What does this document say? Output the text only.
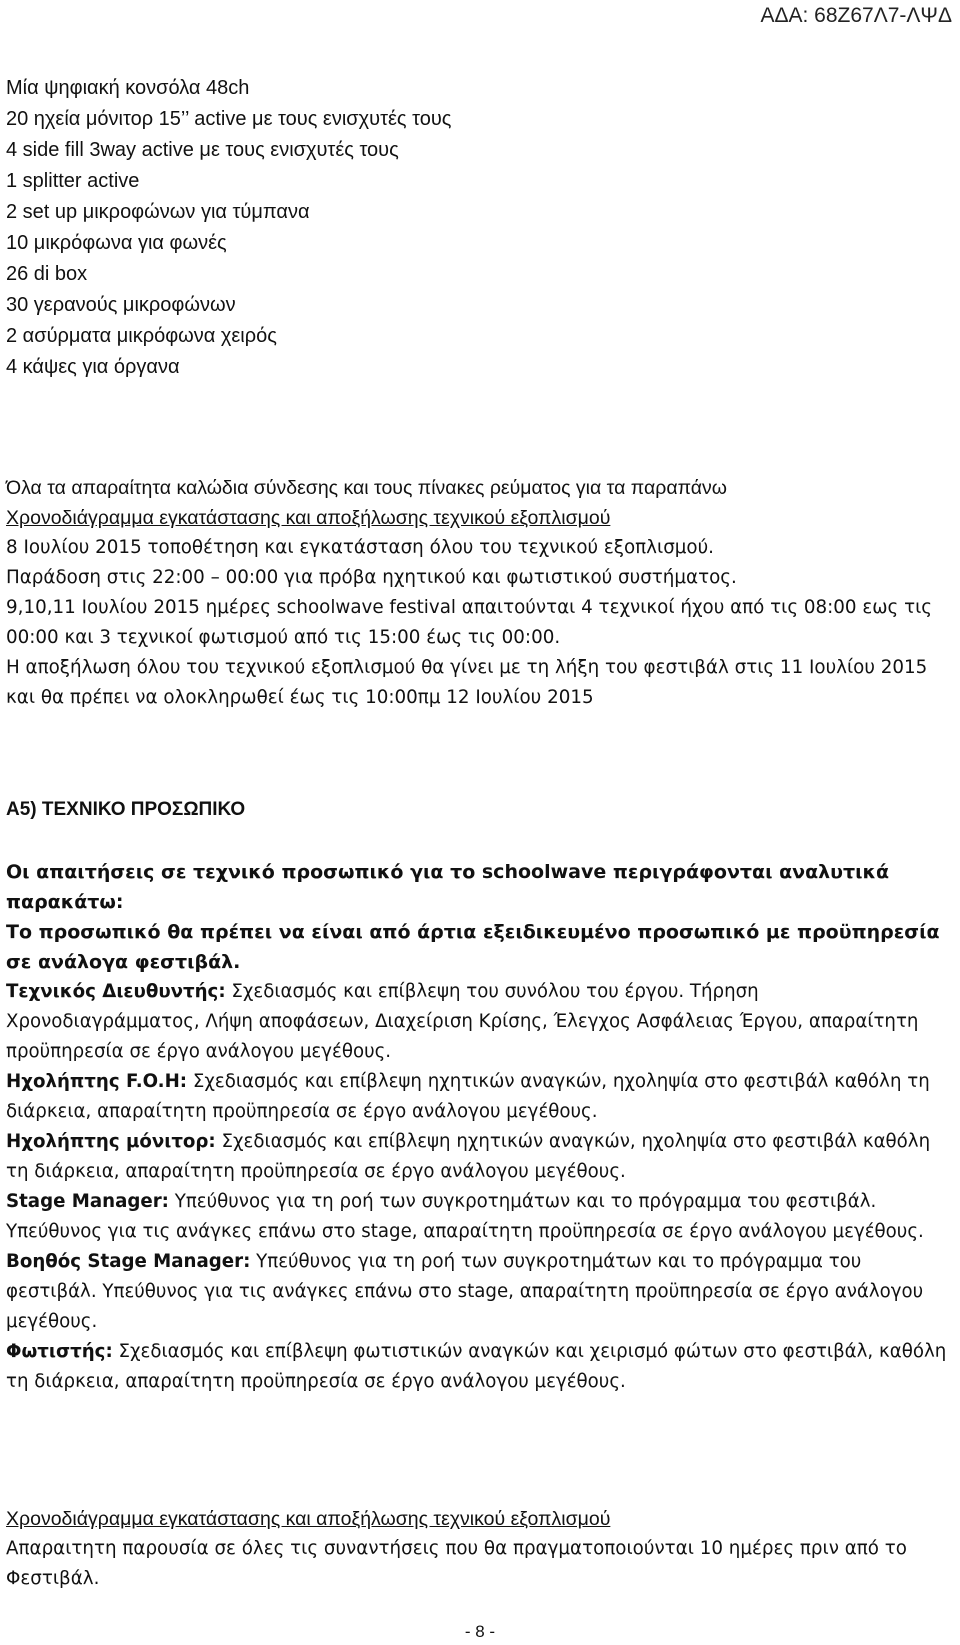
ΑΔΑ: 68Ζ67Λ7-ΛΨΔ
Μία ψηφιακή κονσόλα 48ch
20 ηχεία μόνιτορ 15’’ active με τους ενισχυτές τους
4 side fill 3way active με τους ενισχυτές τους
1 splitter active
2 set up μικροφώνων για τύμπανα
10 μικρόφωνα για φωνές
26 di box
30 γερανούς μικροφώνων
2 ασύρματα μικρόφωνα χειρός
4 κάψες για όργανα

Όλα τα απαραίτητα καλώδια σύνδεσης και τους πίνακες ρεύματος για τα παραπάνω

Χρονοδιάγραμμα εγκατάστασης και αποξήλωσης τεχνικού εξοπλισμού

8 Ιουλίου 2015 τοποθέτηση και εγκατάσταση όλου του τεχνικού εξοπλισμού.

Παράδοση στις 22:00 – 00:00 για πρόβα ηχητικού και φωτιστικού συστήματος.

9,10,11 Ιουλίου 2015 ημέρες schoolwave festival απαιτούνται 4 τεχνικοί ήχου από τις 08:00 εως τις 00:00 και 3 τεχνικοί φωτισμού από τις 15:00 έως τις 00:00.

Η αποξήλωση όλου του τεχνικού εξοπλισμού θα γίνει με τη λήξη του φεστιβάλ στις 11 Ιουλίου 2015 και θα πρέπει να ολοκληρωθεί έως τις 10:00πμ 12 Ιουλίου 2015

Α5) ΤΕΧΝΙΚΟ ΠΡΟΣΩΠΙΚΟ

Οι απαιτήσεις σε τεχνικό προσωπικό για το schoolwave περιγράφονται αναλυτικά παρακάτω:

Το προσωπικό θα πρέπει να είναι από άρτια εξειδικευμένο προσωπικό με προϋπηρεσία σε ανάλογα φεστιβάλ.

Τεχνικός Διευθυντής: Σχεδιασμός και επίβλεψη του συνόλου του έργου. Τήρηση Χρονοδιαγράμματος, Λήψη αποφάσεων, Διαχείριση Κρίσης, Έλεγχος Ασφάλειας Έργου, απαραίτητη προϋπηρεσία σε έργο ανάλογου μεγέθους.

Ηχολήπτης F.O.H: Σχεδιασμός και επίβλεψη ηχητικών αναγκών, ηχοληψία στο φεστιβάλ καθόλη τη διάρκεια, απαραίτητη προϋπηρεσία σε έργο ανάλογου μεγέθους.

Ηχολήπτης μόνιτορ: Σχεδιασμός και επίβλεψη ηχητικών αναγκών, ηχοληψία στο φεστιβάλ καθόλη τη διάρκεια, απαραίτητη προϋπηρεσία σε έργο ανάλογου μεγέθους.

Stage Manager: Υπεύθυνος για τη ροή των συγκροτημάτων και το πρόγραμμα του φεστιβάλ. Υπεύθυνος για τις ανάγκες επάνω στο stage, απαραίτητη προϋπηρεσία σε έργο ανάλογου μεγέθους.

Βοηθός Stage Manager: Υπεύθυνος για τη ροή των συγκροτημάτων και το πρόγραμμα του φεστιβάλ. Υπεύθυνος για τις ανάγκες επάνω στο stage, απαραίτητη προϋπηρεσία σε έργο ανάλογου μεγέθους.

Φωτιστής: Σχεδιασμός και επίβλεψη φωτιστικών αναγκών και χειρισμό φώτων στο φεστιβάλ, καθόλη τη διάρκεια, απαραίτητη προϋπηρεσία σε έργο ανάλογου μεγέθους.

Χρονοδιάγραμμα εγκατάστασης και αποξήλωσης τεχνικού εξοπλισμού

Απαραιτητη παρουσία σε όλες τις συναντήσεις που θα πραγματοποιούνται 10 ημέρες πριν από το Φεστιβάλ.

- 8 -
